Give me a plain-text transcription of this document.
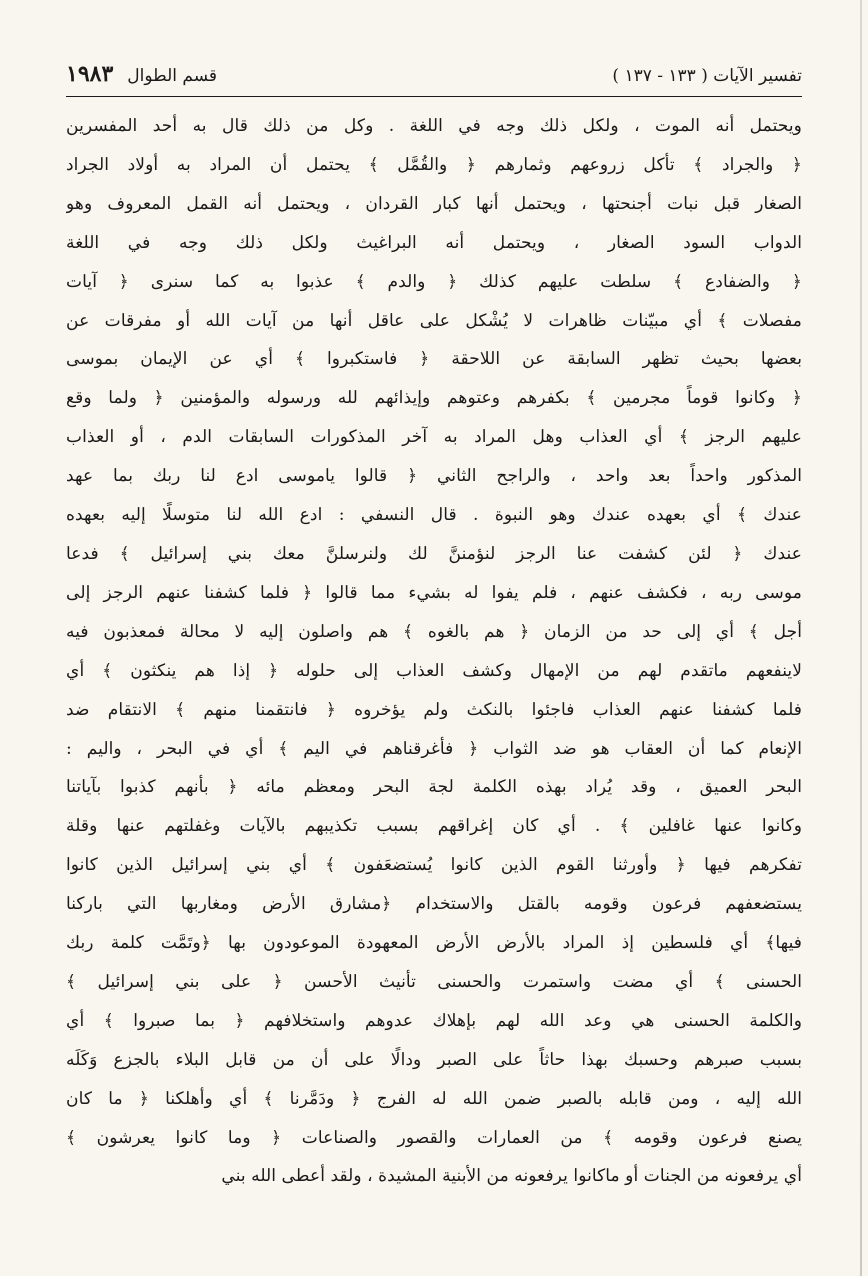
تفسير الآيات ( ١٣٣ - ١٣٧ )
قسم الطوال
١٩٨٣
ويحتمل أنه الموت ، ولكل ذلك وجه في اللغة . وكل من ذلك قال به أحد المفسرين
﴿ والجراد ﴾ تأكل زروعهم وثمارهم ﴿ والقُمَّل ﴾ يحتمل أن المراد به أولاد الجراد
الصغار قبل نبات أجنحتها ، ويحتمل أنها كبار القردان ، ويحتمل أنه القمل المعروف وهو
الدواب السود الصغار ، ويحتمل أنه البراغيث ولكل ذلك وجه في اللغة
﴿ والضفادع ﴾ سلطت عليهم كذلك ﴿ والدم ﴾ عذبوا به كما سنرى ﴿ آيات
مفصلات ﴾ أي مبيّنات ظاهرات لا يُشْكل على عاقل أنها من آيات الله أو مفرقات عن
بعضها بحيث تظهر السابقة عن اللاحقة ﴿ فاستكبروا ﴾ أي عن الإيمان بموسى
﴿ وكانوا قوماً مجرمين ﴾ بكفرهم وعتوهم وإيذائهم لله ورسوله والمؤمنين ﴿ ولما وقع
عليهم الرجز ﴾ أي العذاب وهل المراد به آخر المذكورات السابقات الدم ، أو العذاب
المذكور واحداً بعد واحد ، والراجح الثاني ﴿ قالوا ياموسى ادع لنا ربك بما عهد
عندك ﴾ أي بعهده عندك وهو النبوة . قال النسفي : ادع الله لنا متوسلًا إليه بعهده
عندك ﴿ لئن كشفت عنا الرجز لنؤمننَّ لك ولنرسلنَّ معك بني إسرائيل ﴾ فدعا
موسى ربه ، فكشف عنهم ، فلم يفوا له بشيء مما قالوا ﴿ فلما كشفنا عنهم الرجز إلى
أجل ﴾ أي إلى حد من الزمان ﴿ هم بالغوه ﴾ هم واصلون إليه لا محالة فمعذبون فيه
لاينفعهم ماتقدم لهم من الإمهال وكشف العذاب إلى حلوله ﴿ إذا هم ينكثون ﴾ أي
فلما كشفنا عنهم العذاب فاجئوا بالنكث ولم يؤخروه ﴿ فانتقمنا منهم ﴾ الانتقام ضد
الإنعام كما أن العقاب هو ضد الثواب ﴿ فأغرقناهم في اليم ﴾ أي في البحر ، واليم :
البحر العميق ، وقد يُراد بهذه الكلمة لجة البحر ومعظم مائه ﴿ بأنهم كذبوا بآياتنا
وكانوا عنها غافلين ﴾ . أي كان إغراقهم بسبب تكذيبهم بالآيات وغفلتهم عنها وقلة
تفكرهم فيها ﴿ وأورثنا القوم الذين كانوا يُستضعَفون ﴾ أي بني إسرائيل الذين كانوا
يستضعفهم فرعون وقومه بالقتل والاستخدام ﴿مشارق الأرض ومغاربها التي باركنا
فيها﴾ أي فلسطين إذ المراد بالأرض الأرض المعهودة الموعودون بها ﴿وتَمَّت كلمة ربك
الحسنى ﴾ أي مضت واستمرت والحسنى تأنيث الأحسن ﴿ على بني إسرائيل ﴾
والكلمة الحسنى هي وعد الله لهم بإهلاك عدوهم واستخلافهم ﴿ بما صبروا ﴾ أي
بسبب صبرهم وحسبك بهذا حاثاً على الصبر ودالًا على أن من قابل البلاء بالجزع وَكَلَه
الله إليه ، ومن قابله بالصبر ضمن الله له الفرج ﴿ ودَمَّرنا ﴾ أي وأهلكنا ﴿ ما كان
يصنع فرعون وقومه ﴾ من العمارات والقصور والصناعات ﴿ وما كانوا يعرشون ﴾
أي يرفعونه من الجنات أو ماكانوا يرفعونه من الأبنية المشيدة ، ولقد أعطى الله بني
